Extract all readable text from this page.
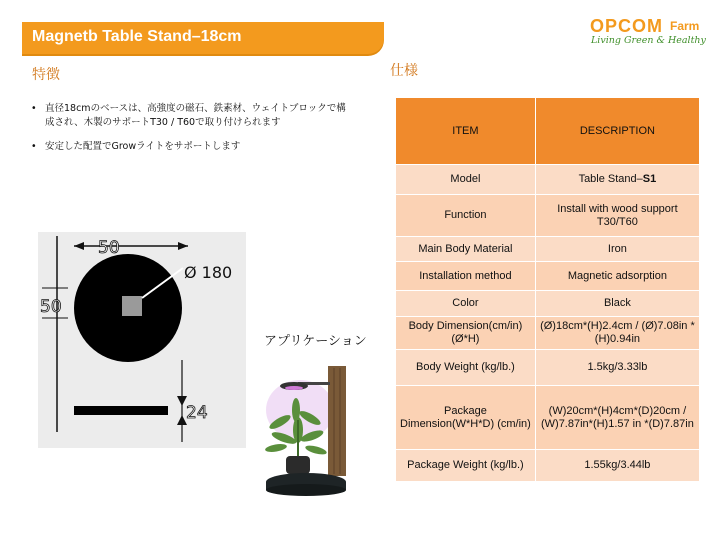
Magnetb Table Stand–18cm
OPCOM Farm
Living Green & Healthy
特徴	仕様
• 直径18cmのベースは、高強度の磁石、鉄素材、ウェイトブロックで構成され、木製のサポートT30 / T60で取り付けられます
• 安定した配置でGrowライトをサポートします
50
50
Ø 180
24
アプリケーション
ITEM	DESCRIPTION
Model	Table Stand–S1
Function	Install with wood support T30/T60
Main Body Material	Iron
Installation method	Magnetic adsorption
Color	Black
Body Dimension(cm/in)(Ø*H)	(Ø)18cm*(H)2.4cm / (Ø)7.08in *(H)0.94in
Body Weight (kg/lb.)	1.5kg/3.33lb
Package Dimension(W*H*D) (cm/in)	(W)20cm*(H)4cm*(D)20cm / (W)7.87in*(H)1.57 in *(D)7.87in
Package Weight (kg/lb.)	1.55kg/3.44lb
